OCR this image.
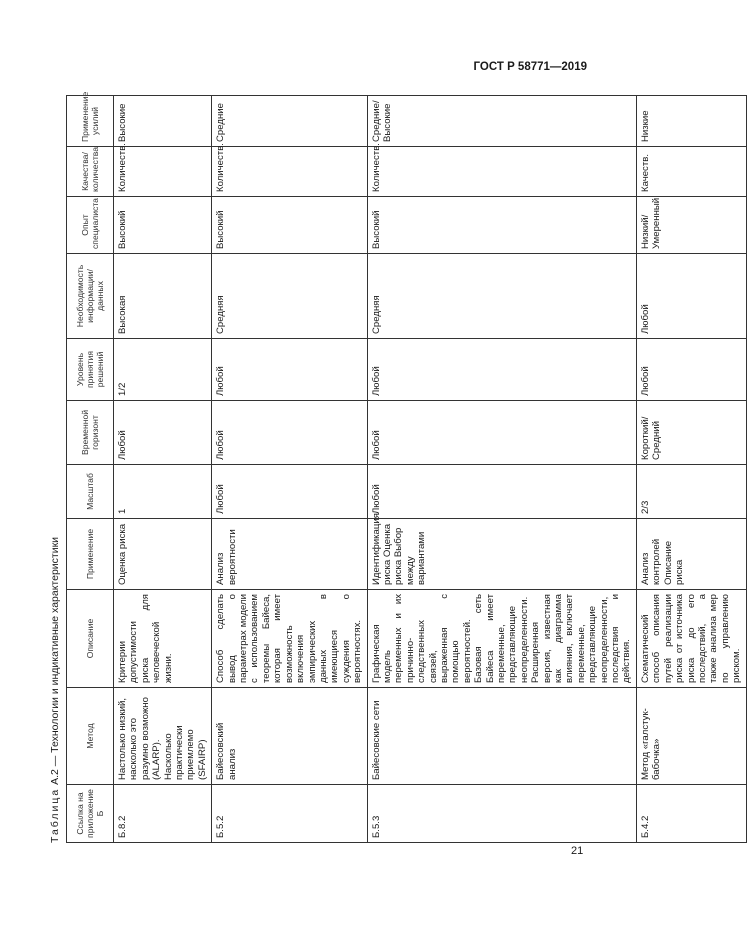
ГОСТ Р 58771—2019
Таблица А.2 — Технологии и индикативные характеристики
Ссылка на приложение Б	Метод	Описание	Применение	Масштаб	Временной горизонт	Уровень принятия решений	Необходимость информации/данных	Опыт специалиста	Качества/количества	Применение усилий
Б.8.2	Настолько низкий, насколько это разумно возможно (ALARP). Насколько практически приемлемо (SFAIRP)	Критерии допустимости риска для человеческой жизни.	Оценка риска	1	Любой	1/2	Высокая	Высокий	Количеств.	Высокие
Б.5.2	Байесовский анализ	Способ сделать вывод о параметрах модели с использованием теоремы Байеса, которая имеет возможность включения эмпирических данных в имеющиеся суждения о вероятностях.	Анализ вероятности	Любой	Любой	Любой	Средняя	Высокий	Количеств.	Средние
Б.5.3	Байесовские сети	Графическая модель переменных и их причинно-следственных связей, выраженная с помощью вероятностей. Базовая сеть Байеса имеет переменные, представляющие неопределенности. Расширенная версия, известная как диаграмма влияния, включает переменные, представляющие неопределенности, последствия и действия.	Идентификация риска Оценка риска Выбор между вариантами	Любой	Любой	Любой	Средняя	Высокий	Количеств.	Средние/ Высокие
Б.4.2	Метод «галстук-бабочка»	Схематический способ описания путей реализации риска от источника риска до его последствий, а также анализа мер по управлению риском.	Анализ контролей Описание риска	2/3	Короткий/ Средний	Любой	Любой	Низкий/ Умеренный	Качеств.	Низкие
21
